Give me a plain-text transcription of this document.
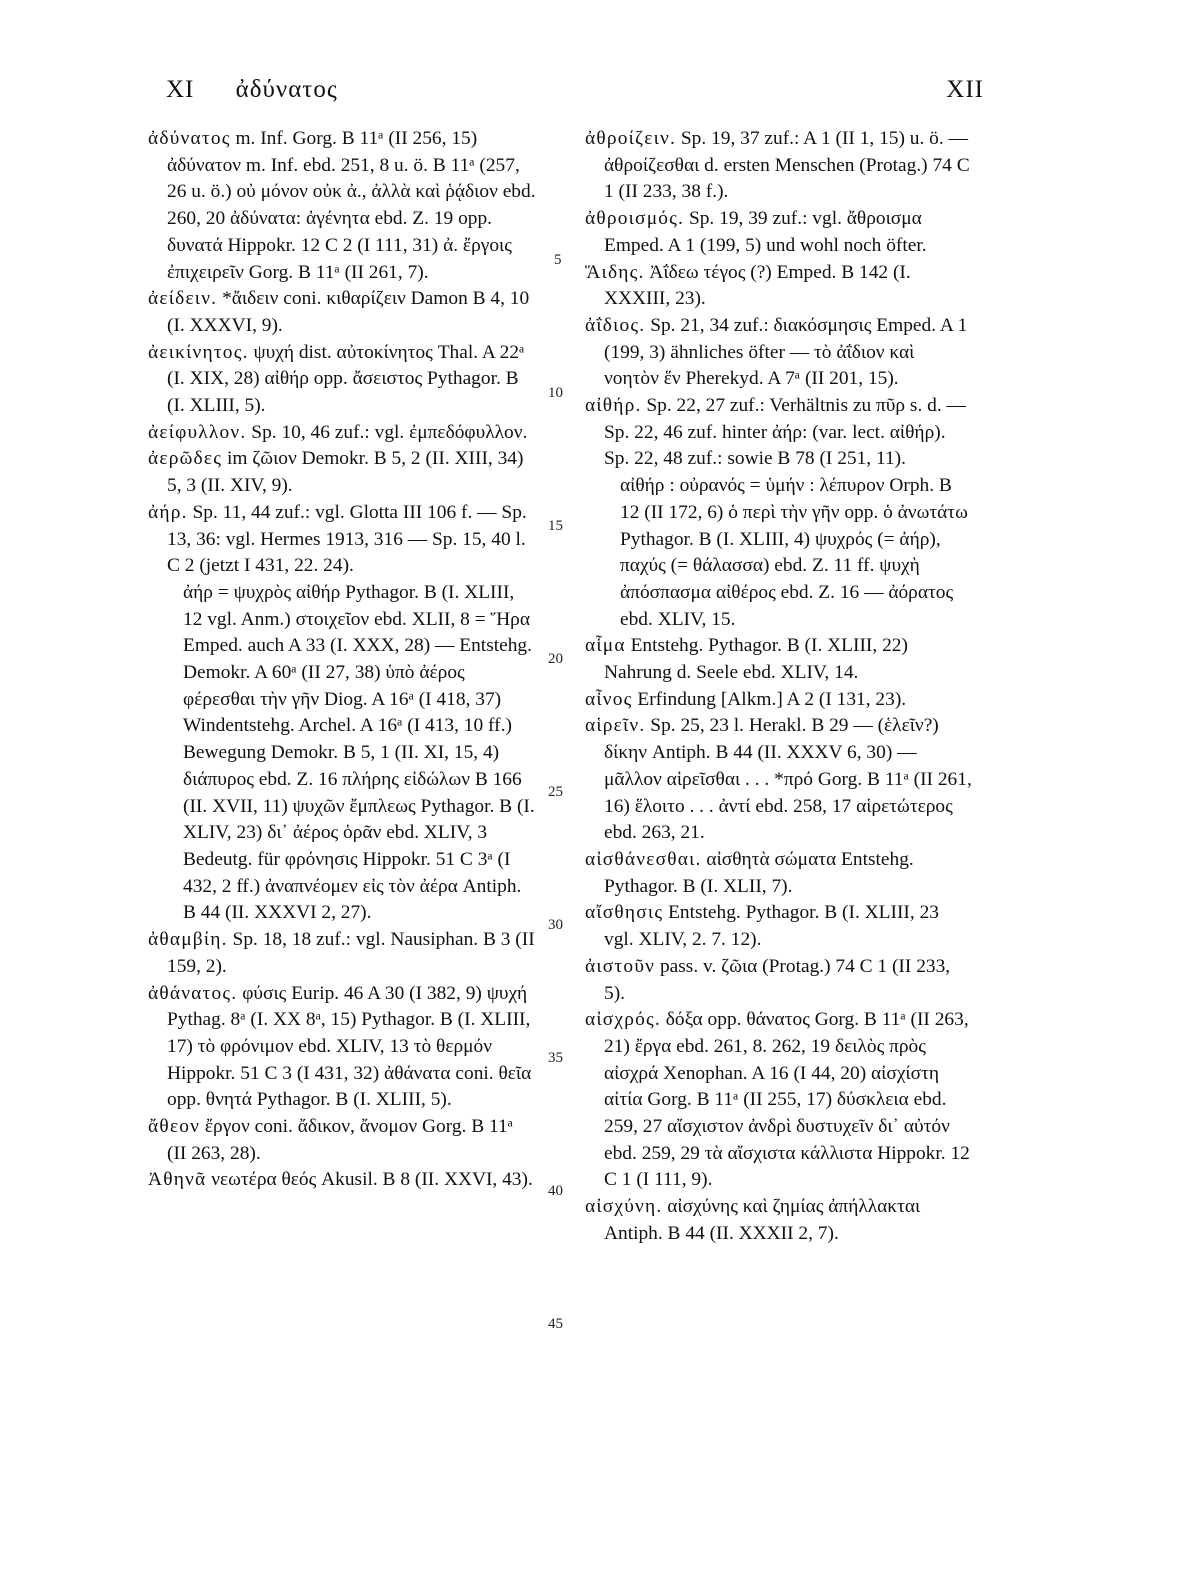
XI ἀδύνατος	XII

ἀδύνατος m. Inf. Gorg. B 11ᵃ (II 256, 15) ἀδύνατον m. Inf. ebd. 251, 8 u. ö. B 11ᵃ (257, 26 u. ö.) οὐ μόνον οὐκ ἀ., ἀλλὰ καὶ ῥᾴδιον ebd. 260, 20 ἀδύνατα: ἀγένητα ebd. Z. 19 opp. δυνατά Hippokr. 12 C 2 (I 111, 31) ἀ. ἔργοις ἐπιχειρεῖν Gorg. B 11ᵃ (II 261, 7).

ἀείδειν. *ἄιδειν coni. κιθαρίζειν Damon B 4, 10 (I. XXXVI, 9).

ἀεικίνητος. ψυχή dist. αὐτοκίνητος Thal. A 22ᵃ (I. XIX, 28) αἰθήρ opp. ἄσειστος Pythagor. B (I. XLIII, 5).

ἀείφυλλον. Sp. 10, 46 zuf.: vgl. ἐμπεδόφυλλον.

ἀερῶδες im ζῶιον Demokr. B 5, 2 (II. XIII, 34) 5, 3 (II. XIV, 9).

ἀήρ. Sp. 11, 44 zuf.: vgl. Glotta III 106 f. — Sp. 13, 36: vgl. Hermes 1913, 316 — Sp. 15, 40 l. C 2 (jetzt I 431, 22. 24).

ἀήρ = ψυχρὸς αἰθήρ Pythagor. B (I. XLIII, 12 vgl. Anm.) στοιχεῖον ebd. XLII, 8 = Ἥρα Emped. auch A 33 (I. XXX, 28) — Entstehg. Demokr. A 60ᵃ (II 27, 38) ὑπὸ ἀέρος φέρεσθαι τὴν γῆν Diog. A 16ᵃ (I 418, 37) Windentstehg. Archel. A 16ᵃ (I 413, 10 ff.) Bewegung Demokr. B 5, 1 (II. XI, 15, 4) διάπυρος ebd. Z. 16 πλήρης εἰδώλων B 166 (II. XVII, 11) ψυχῶν ἔμπλεως Pythagor. B (I. XLIV, 23) δι᾽ ἀέρος ὁρᾶν ebd. XLIV, 3 Bedeutg. für φρόνησις Hippokr. 51 C 3ᵃ (I 432, 2 ff.) ἀναπνέομεν εἰς τὸν ἀέρα Antiph. B 44 (II. XXXVI 2, 27).

ἀθαμβίη. Sp. 18, 18 zuf.: vgl. Nausiphan. B 3 (II 159, 2).

ἀθάνατος. φύσις Eurip. 46 A 30 (I 382, 9) ψυχή Pythag. 8ᵃ (I. XX 8ᵃ, 15) Pythagor. B (I. XLIII, 17) τὸ φρόνιμον ebd. XLIV, 13 τὸ θερμόν Hippokr. 51 C 3 (I 431, 32) ἀθάνατα coni. θεῖα opp. θνητά Pythagor. B (I. XLIII, 5).

ἄθεον ἔργον coni. ἄδικον, ἄνομον Gorg. B 11ᵃ (II 263, 28).

Ἀθηνᾶ νεωτέρα θεός Akusil. B 8 (II. XXVI, 43).

5
10
15
20
25
30
35
40
45

ἀθροίζειν. Sp. 19, 37 zuf.: A 1 (II 1, 15) u. ö. — ἀθροίζεσθαι d. ersten Menschen (Protag.) 74 C 1 (II 233, 38 f.).

ἀθροισμός. Sp. 19, 39 zuf.: vgl. ἄθροισμα Emped. A 1 (199, 5) und wohl noch öfter.

Ἅιδης. Ἀΐδεω τέγος (?) Emped. B 142 (I. XXXIII, 23).

ἀΐδιος. Sp. 21, 34 zuf.: διακόσμησις Emped. A 1 (199, 3) ähnliches öfter — τὸ ἀΐδιον καὶ νοητὸν ἕν Pherekyd. A 7ᵃ (II 201, 15).

αἰθήρ. Sp. 22, 27 zuf.: Verhältnis zu πῦρ s. d. — Sp. 22, 46 zuf. hinter ἀήρ: (var. lect. αἰθήρ). Sp. 22, 48 zuf.: sowie B 78 (I 251, 11).

αἰθήρ : οὐρανός = ὑμήν : λέπυρον Orph. B 12 (II 172, 6) ὁ περὶ τὴν γῆν opp. ὁ ἀνωτάτω Pythagor. B (I. XLIII, 4) ψυχρός (= ἀήρ), παχύς (= θάλασσα) ebd. Z. 11 ff. ψυχὴ ἀπόσπασμα αἰθέρος ebd. Z. 16 — ἀόρατος ebd. XLIV, 15.

αἷμα Entstehg. Pythagor. B (I. XLIII, 22) Nahrung d. Seele ebd. XLIV, 14.

αἶνος Erfindung [Alkm.] A 2 (I 131, 23).

αἱρεῖν. Sp. 25, 23 l. Herakl. B 29 — (ἑλεῖν?) δίκην Antiph. B 44 (II. XXXV 6, 30) — μᾶλλον αἱρεῖσθαι . . . *πρό Gorg. B 11ᵃ (II 261, 16) ἕλοιτο . . . ἀντί ebd. 258, 17 αἱρετώτερος ebd. 263, 21.

αἰσθάνεσθαι. αἰσθητὰ σώματα Entstehg. Pythagor. B (I. XLII, 7).

αἴσθησις Entstehg. Pythagor. B (I. XLIII, 23 vgl. XLIV, 2. 7. 12).

ἀιστοῦν pass. v. ζῶια (Protag.) 74 C 1 (II 233, 5).

αἰσχρός. δόξα opp. θάνατος Gorg. B 11ᵃ (II 263, 21) ἔργα ebd. 261, 8. 262, 19 δειλὸς πρὸς αἰσχρά Xenophan. A 16 (I 44, 20) αἰσχίστη αἰτία Gorg. B 11ᵃ (II 255, 17) δύσκλεια ebd. 259, 27 αἴσχιστον ἀνδρὶ δυστυχεῖν δι᾽ αὐτόν ebd. 259, 29 τὰ αἴσχιστα κάλλιστα Hippokr. 12 C 1 (I 111, 9).

αἰσχύνη. αἰσχύνης καὶ ζημίας ἀπήλλακται Antiph. B 44 (II. XXXII 2, 7).
